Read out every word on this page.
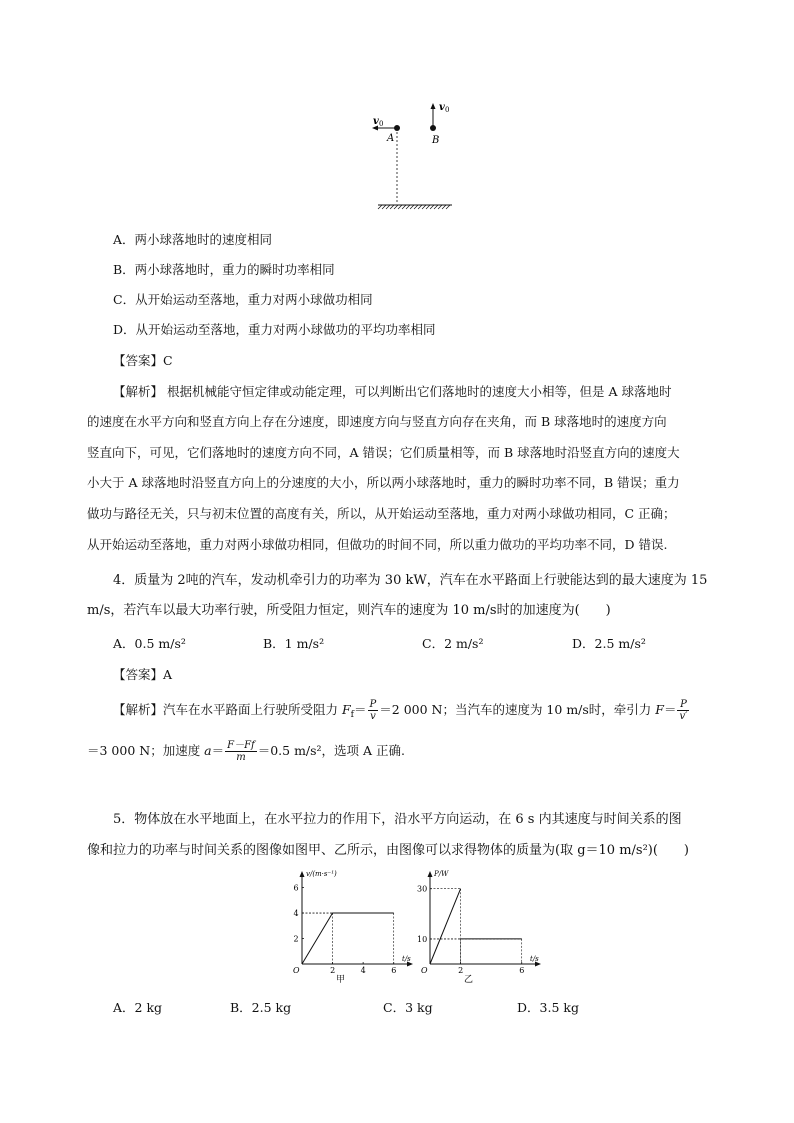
v 0
A
v 0
B
A．两小球落地时的速度相同
B．两小球落地时，重力的瞬时功率相同
C．从开始运动至落地，重力对两小球做功相同
D．从开始运动至落地，重力对两小球做功的平均功率相同
【答案】C
【解析】 根据机械能守恒定律或动能定理，可以判断出它们落地时的速度大小相等，但是 A 球落地时
的速度在水平方向和竖直方向上存在分速度，即速度方向与竖直方向存在夹角，而 B 球落地时的速度方向
竖直向下，可见，它们落地时的速度方向不同，A 错误；它们质量相等，而 B 球落地时沿竖直方向的速度大
小大于 A 球落地时沿竖直方向上的分速度的大小，所以两小球落地时，重力的瞬时功率不同，B 错误；重力
做功与路径无关，只与初末位置的高度有关，所以，从开始运动至落地，重力对两小球做功相同，C 正确；
从开始运动至落地，重力对两小球做功相同，但做功的时间不同，所以重力做功的平均功率不同，D 错误.
4．质量为 2吨的汽车，发动机牵引力的功率为 30 kW，汽车在水平路面上行驶能达到的最大速度为 15
m/s，若汽车以最大功率行驶，所受阻力恒定，则汽车的速度为 10 m/s时的加速度为(　　)
A．0.5 m/s²	B．1 m/s²	C．2 m/s²	D．2.5 m/s²
【答案】A
【解析】汽车在水平路面上行驶所受阻力 $F_f= \frac{P}{v} =2$ 000 N；当汽车的速度为 10 m/s时，牵引力 $F= \frac{P}{v'}$
＝3 000 N；加速度 $a= \frac{F-Ff}{m} =0.5$ m/s²，选项 A 正确.
5．物体放在水平地面上，在水平拉力的作用下，沿水平方向运动，在 6 s 内其速度与时间关系的图
像和拉力的功率与时间关系的图像如图甲、乙所示，由图像可以求得物体的质量为(取 g＝10 m/s²)(　　)
v/(m·s⁻¹)
t/s
O	2	4	6
2
4
6
甲
P/W
t/s
O	2	6
10
30
乙
A．2 kg	B．2.5 kg	C．3 kg	D．3.5 kg
